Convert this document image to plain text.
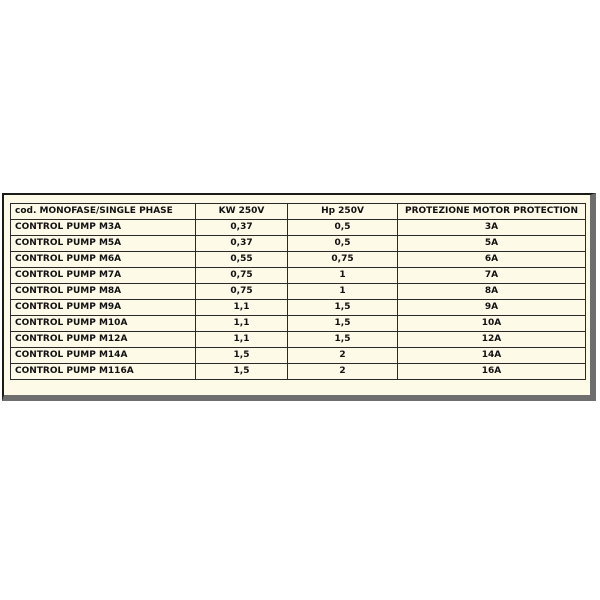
cod. MONOFASE/SINGLE PHASE	KW 250V	Hp 250V	PROTEZIONE MOTOR PROTECTION
CONTROL PUMP M3A	0,37	0,5	3A
CONTROL PUMP M5A	0,37	0,5	5A
CONTROL PUMP M6A	0,55	0,75	6A
CONTROL PUMP M7A	0,75	1	7A
CONTROL PUMP M8A	0,75	1	8A
CONTROL PUMP M9A	1,1	1,5	9A
CONTROL PUMP M10A	1,1	1,5	10A
CONTROL PUMP M12A	1,1	1,5	12A
CONTROL PUMP M14A	1,5	2	14A
CONTROL PUMP M116A	1,5	2	16A
